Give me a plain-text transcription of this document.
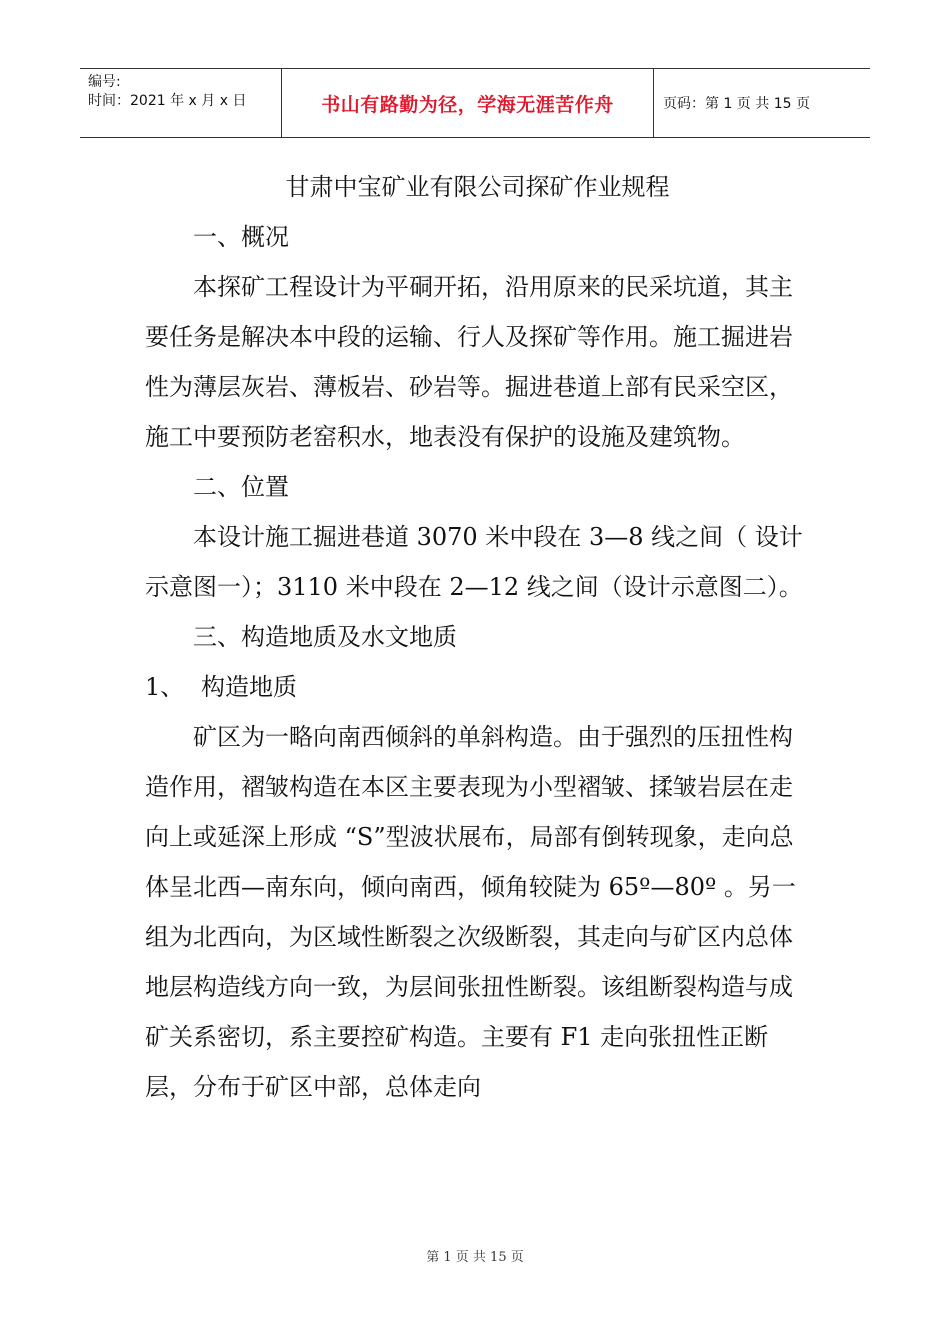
编号:
时间：2021 年 x 月 x 日	书山有路勤为径，学海无涯苦作舟	页码：第 1 页 共 15 页

甘肃中宝矿业有限公司探矿作业规程

一、概况

本探矿工程设计为平硐开拓，沿用原来的民采坑道，其主要任务是解决本中段的运输、行人及探矿等作用。施工掘进岩性为薄层灰岩、薄板岩、砂岩等。掘进巷道上部有民采空区，施工中要预防老窑积水，地表没有保护的设施及建筑物。

二、位置

本设计施工掘进巷道 3070 米中段在 3—8 线之间（ 设计示意图一）；3110 米中段在 2—12 线之间（设计示意图二）。

三、构造地质及水文地质

1、 构造地质

矿区为一略向南西倾斜的单斜构造。由于强烈的压扭性构造作用，褶皱构造在本区主要表现为小型褶皱、揉皱岩层在走向上或延深上形成 “S”型波状展布，局部有倒转现象，走向总体呈北西—南东向，倾向南西，倾角较陡为 65º—80º 。另一组为北西向，为区域性断裂之次级断裂，其走向与矿区内总体地层构造线方向一致，为层间张扭性断裂。该组断裂构造与成矿关系密切，系主要控矿构造。主要有 F1 走向张扭性正断层，分布于矿区中部，总体走向

第 1 页 共 15 页
